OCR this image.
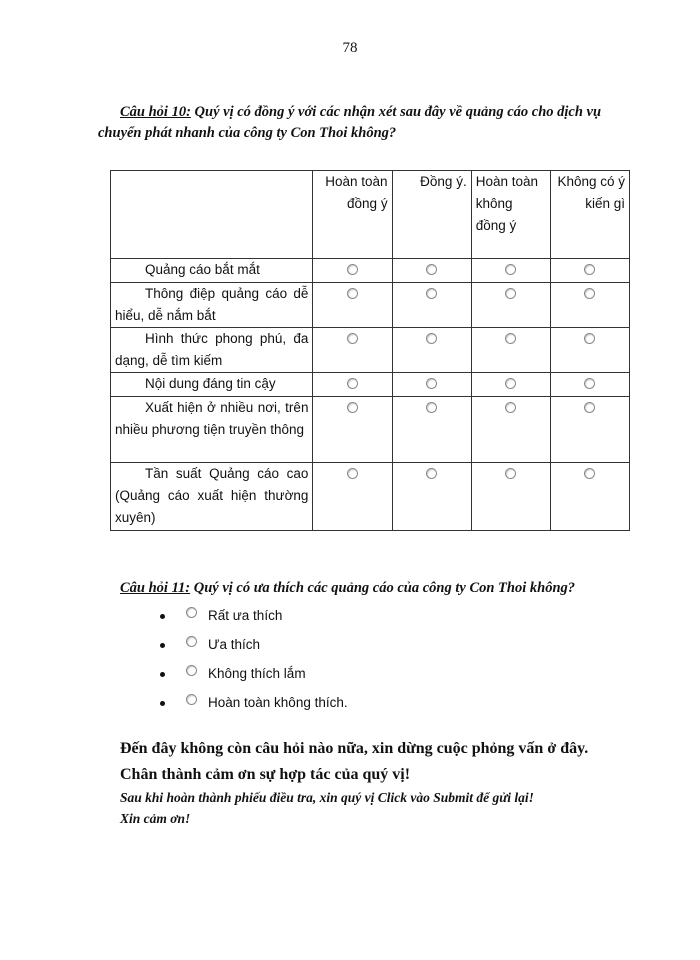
78
Câu hỏi 10: Quý vị có đồng ý với các nhận xét sau đây về quảng cáo cho dịch vụ
chuyển phát nhanh của công ty Con Thoi không?
	Hoàn toàn đồng ý	Đồng ý.	Hoàn toàn không đồng ý	Không có ý kiến gì
Quảng cáo bắt mắt				
Thông điệp quảng cáo dễ hiểu, dễ nắm bắt				
Hình thức phong phú, đa dạng, dễ tìm kiếm				
Nội dung đáng tin cậy				
Xuất hiện ở nhiều nơi, trên nhiều phương tiện truyền thông				
Tần suất Quảng cáo cao (Quảng cáo xuất hiện thường xuyên)				
Câu hỏi 11: Quý vị có ưa thích các quảng cáo của công ty Con Thoi không?
Rất ưa thích
Ưa thích
Không thích lắm
Hoàn toàn không thích.
Đến đây không còn câu hỏi nào nữa, xin dừng cuộc phỏng vấn ở đây.
Chân thành cảm ơn sự hợp tác của quý vị!
Sau khi hoàn thành phiếu điều tra, xin quý vị Click vào Submit để gửi lại!
Xin cảm ơn!
